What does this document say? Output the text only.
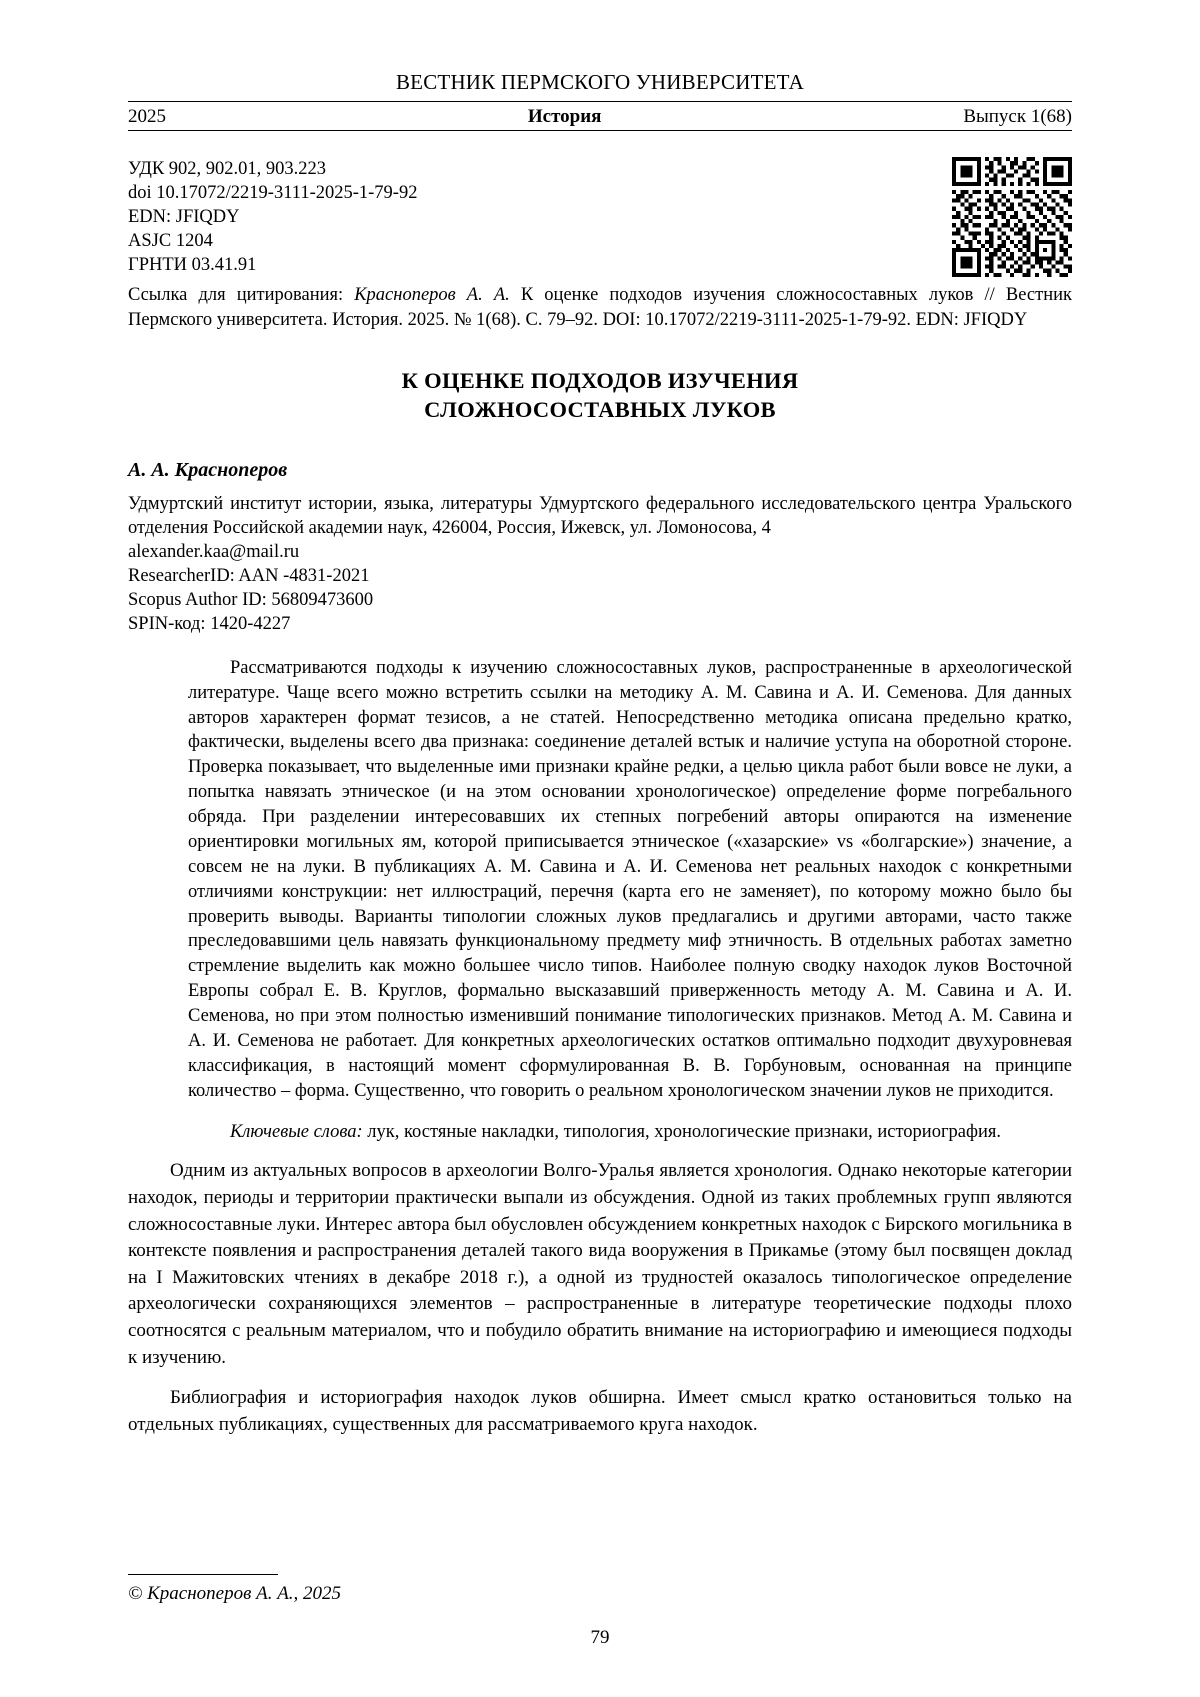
ВЕСТНИК ПЕРМСКОГО УНИВЕРСИТЕТА
2025	История	Выпуск 1(68)
УДК 902, 902.01, 903.223
doi 10.17072/2219-3111-2025-1-79-92
EDN: JFIQDY
ASJC 1204
ГРНТИ 03.41.91
Ссылка для цитирования: Красноперов А. А. К оценке подходов изучения сложносоставных луков // Вестник Пермского университета. История. 2025. № 1(68). С. 79–92. DOI: 10.17072/2219-3111-2025-1-79-92. EDN: JFIQDY
К ОЦЕНКЕ ПОДХОДОВ ИЗУЧЕНИЯ
СЛОЖНОСОСТАВНЫХ ЛУКОВ
А. А. Красноперов
Удмуртский институт истории, языка, литературы Удмуртского федерального исследовательского центра Уральского отделения Российской академии наук, 426004, Россия, Ижевск, ул. Ломоносова, 4
alexander.kaa@mail.ru
ResearcherID: AAN -4831-2021
Scopus Author ID: 56809473600
SPIN-код: 1420-4227
Рассматриваются подходы к изучению сложносоставных луков, распространенные в археологической литературе. Чаще всего можно встретить ссылки на методику А. М. Савина и А. И. Семенова. Для данных авторов характерен формат тезисов, а не статей. Непосредственно методика описана предельно кратко, фактически, выделены всего два признака: соединение деталей встык и наличие уступа на оборотной стороне. Проверка показывает, что выделенные ими признаки крайне редки, а целью цикла работ были вовсе не луки, а попытка навязать этническое (и на этом основании хронологическое) определение форме погребального обряда. При разделении интересовавших их степных погребений авторы опираются на изменение ориентировки могильных ям, которой приписывается этническое («хазарские» vs «болгарские») значение, а совсем не на луки. В публикациях А. М. Савина и А. И. Семенова нет реальных находок с конкретными отличиями конструкции: нет иллюстраций, перечня (карта его не заменяет), по которому можно было бы проверить выводы. Варианты типологии сложных луков предлагались и другими авторами, часто также преследовавшими цель навязать функциональному предмету миф этничность. В отдельных работах заметно стремление выделить как можно большее число типов. Наиболее полную сводку находок луков Восточной Европы собрал Е. В. Круглов, формально высказавший приверженность методу А. М. Савина и А. И. Семенова, но при этом полностью изменивший понимание типологических признаков. Метод А. М. Савина и А. И. Семенова не работает. Для конкретных археологических остатков оптимально подходит двухуровневая классификация, в настоящий момент сформулированная В. В. Горбуновым, основанная на принципе количество – форма. Существенно, что говорить о реальном хронологическом значении луков не приходится.
Ключевые слова: лук, костяные накладки, типология, хронологические признаки, историография.
Одним из актуальных вопросов в археологии Волго-Уралья является хронология. Однако некоторые категории находок, периоды и территории практически выпали из обсуждения. Одной из таких проблемных групп являются сложносоставные луки. Интерес автора был обусловлен обсуждением конкретных находок с Бирского могильника в контексте появления и распространения деталей такого вида вооружения в Прикамье (этому был посвящен доклад на I Мажитовских чтениях в декабре 2018 г.), а одной из трудностей оказалось типологическое определение археологически сохраняющихся элементов – распространенные в литературе теоретические подходы плохо соотносятся с реальным материалом, что и побудило обратить внимание на историографию и имеющиеся подходы к изучению.
Библиография и историография находок луков обширна. Имеет смысл кратко остановиться только на отдельных публикациях, существенных для рассматриваемого круга находок.
© Красноперов А. А., 2025
79
